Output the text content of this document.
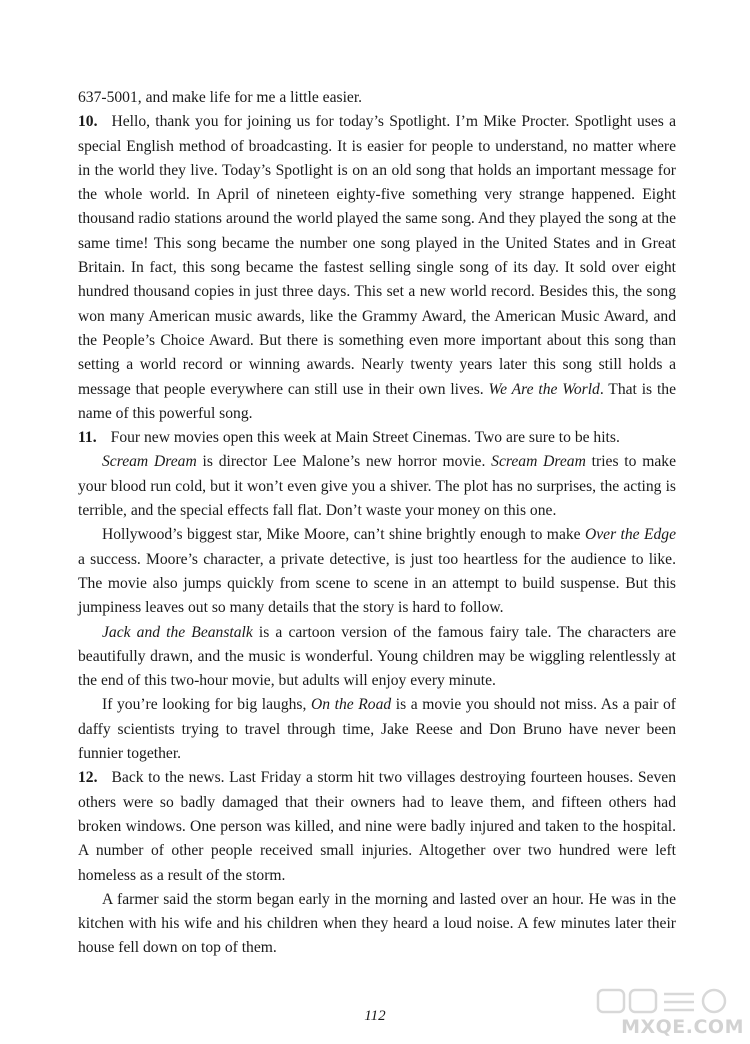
637-5001, and make life for me a little easier.

10. Hello, thank you for joining us for today’s Spotlight. I’m Mike Procter. Spotlight uses a special English method of broadcasting. It is easier for people to understand, no matter where in the world they live. Today’s Spotlight is on an old song that holds an important message for the whole world. In April of nineteen eighty-five something very strange happened. Eight thousand radio stations around the world played the same song. And they played the song at the same time! This song became the number one song played in the United States and in Great Britain. In fact, this song became the fastest selling single song of its day. It sold over eight hundred thousand copies in just three days. This set a new world record. Besides this, the song won many American music awards, like the Grammy Award, the American Music Award, and the People’s Choice Award. But there is something even more important about this song than setting a world record or winning awards. Nearly twenty years later this song still holds a message that people everywhere can still use in their own lives. We Are the World. That is the name of this powerful song.

11. Four new movies open this week at Main Street Cinemas. Two are sure to be hits.

Scream Dream is director Lee Malone’s new horror movie. Scream Dream tries to make your blood run cold, but it won’t even give you a shiver. The plot has no surprises, the acting is terrible, and the special effects fall flat. Don’t waste your money on this one.

Hollywood’s biggest star, Mike Moore, can’t shine brightly enough to make Over the Edge a success. Moore’s character, a private detective, is just too heartless for the audience to like. The movie also jumps quickly from scene to scene in an attempt to build suspense. But this jumpiness leaves out so many details that the story is hard to follow.

Jack and the Beanstalk is a cartoon version of the famous fairy tale. The characters are beautifully drawn, and the music is wonderful. Young children may be wiggling relentlessly at the end of this two-hour movie, but adults will enjoy every minute.

If you’re looking for big laughs, On the Road is a movie you should not miss. As a pair of daffy scientists trying to travel through time, Jake Reese and Don Bruno have never been funnier together.

12. Back to the news. Last Friday a storm hit two villages destroying fourteen houses. Seven others were so badly damaged that their owners had to leave them, and fifteen others had broken windows. One person was killed, and nine were badly injured and taken to the hospital. A number of other people received small injuries. Altogether over two hundred were left homeless as a result of the storm.

A farmer said the storm began early in the morning and lasted over an hour. He was in the kitchen with his wife and his children when they heard a loud noise. A few minutes later their house fell down on top of them.

112	MXQE.COM
